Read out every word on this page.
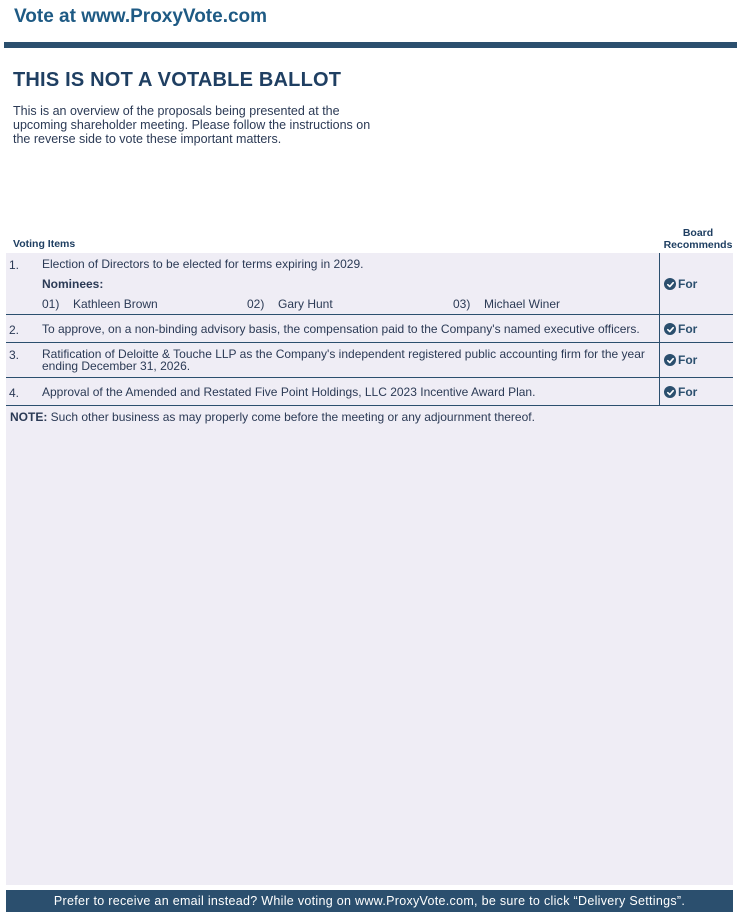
Vote at www.ProxyVote.com
THIS IS NOT A VOTABLE BALLOT
This is an overview of the proposals being presented at the upcoming shareholder meeting. Please follow the instructions on the reverse side to vote these important matters.
Voting Items
Board
Recommends
1. Election of Directors to be elected for terms expiring in 2029.
Nominees:
01) Kathleen Brown	02) Gary Hunt	03) Michael Winer
For
2. To approve, on a non-binding advisory basis, the compensation paid to the Company's named executive officers.	For
3. Ratification of Deloitte & Touche LLP as the Company's independent registered public accounting firm for the year ending December 31, 2026.	For
4. Approval of the Amended and Restated Five Point Holdings, LLC 2023 Incentive Award Plan.	For
NOTE: Such other business as may properly come before the meeting or any adjournment thereof.
Prefer to receive an email instead? While voting on www.ProxyVote.com, be sure to click “Delivery Settings”.
